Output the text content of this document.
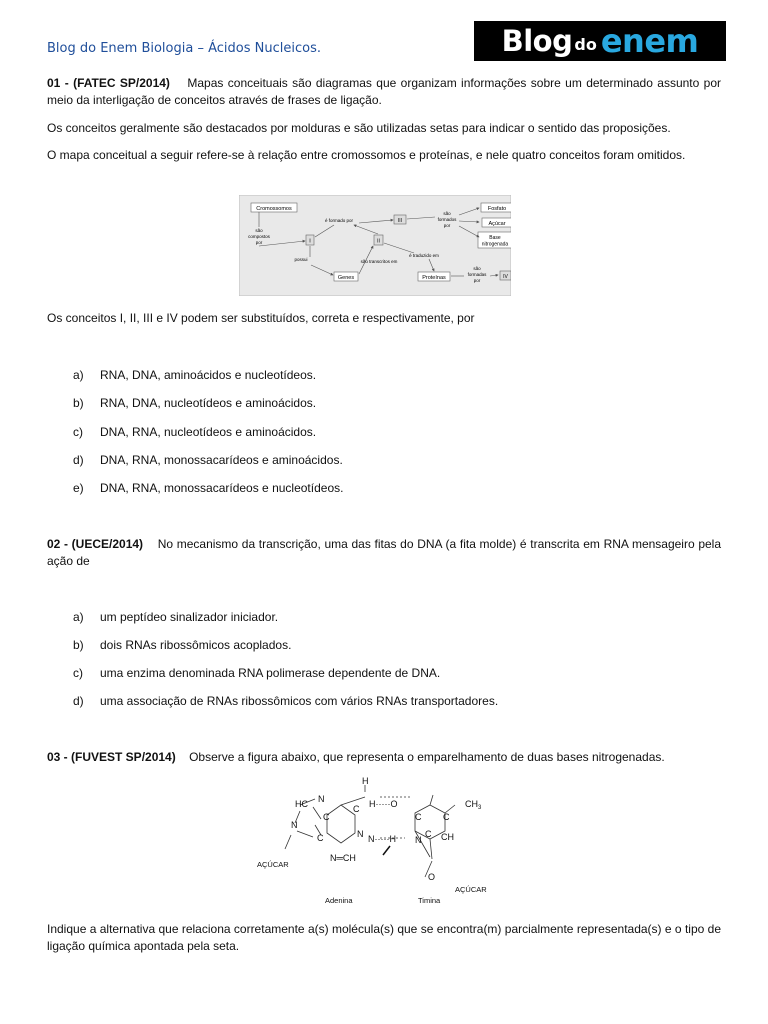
Blog do Enem Biologia – Ácidos Nucleicos.	Blog do enem
01 - (FATEC SP/2014) Mapas conceituais são diagramas que organizam informações sobre um determinado assunto por meio da interligação de conceitos através de frases de ligação.
Os conceitos geralmente são destacados por molduras e são utilizadas setas para indicar o sentido das proposições.
O mapa conceitual a seguir refere-se à relação entre cromossomos e proteínas, e nele quatro conceitos foram omitidos.
Cromossomos
I
III
II
Fosfato
Açúcar
Base
nitrogenada
Genes	Proteínas	IV
são
compostos
por
é formado por
são
formados
por
possui	são transcritos em
é traduzido em
são
formadas
por
Os conceitos I, II, III e IV podem ser substituídos, correta e respectivamente, por
a) RNA, DNA, aminoácidos e nucleotídeos.
b) RNA, DNA, nucleotídeos e aminoácidos.
c) DNA, RNA, nucleotídeos e aminoácidos.
d) DNA, RNA, monossacarídeos e aminoácidos.
e) DNA, RNA, monossacarídeos e nucleotídeos.
02 - (UECE/2014) No mecanismo da transcrição, uma das fitas do DNA (a fita molde) é transcrita em RNA mensageiro pela ação de
a) um peptídeo sinalizador iniciador.
b) dois RNAs ribossômicos acoplados.
c) uma enzima denominada RNA polimerase dependente de DNA.
d) uma associação de RNAs ribossômicos com vários RNAs transportadores.
03 - (FUVEST SP/2014) Observe a figura abaixo, que representa o emparelhamento de duas bases nitrogenadas.
H
HC N
N
C
C
C	N
N═CH
H·····O
N·····H
C C
CH
C
$CH_3$
O
N
AÇÚCAR
AÇÚCAR
Adenina	Timina
Indique a alternativa que relaciona corretamente a(s) molécula(s) que se encontra(m) parcialmente representada(s) e o tipo de ligação química apontada pela seta.
